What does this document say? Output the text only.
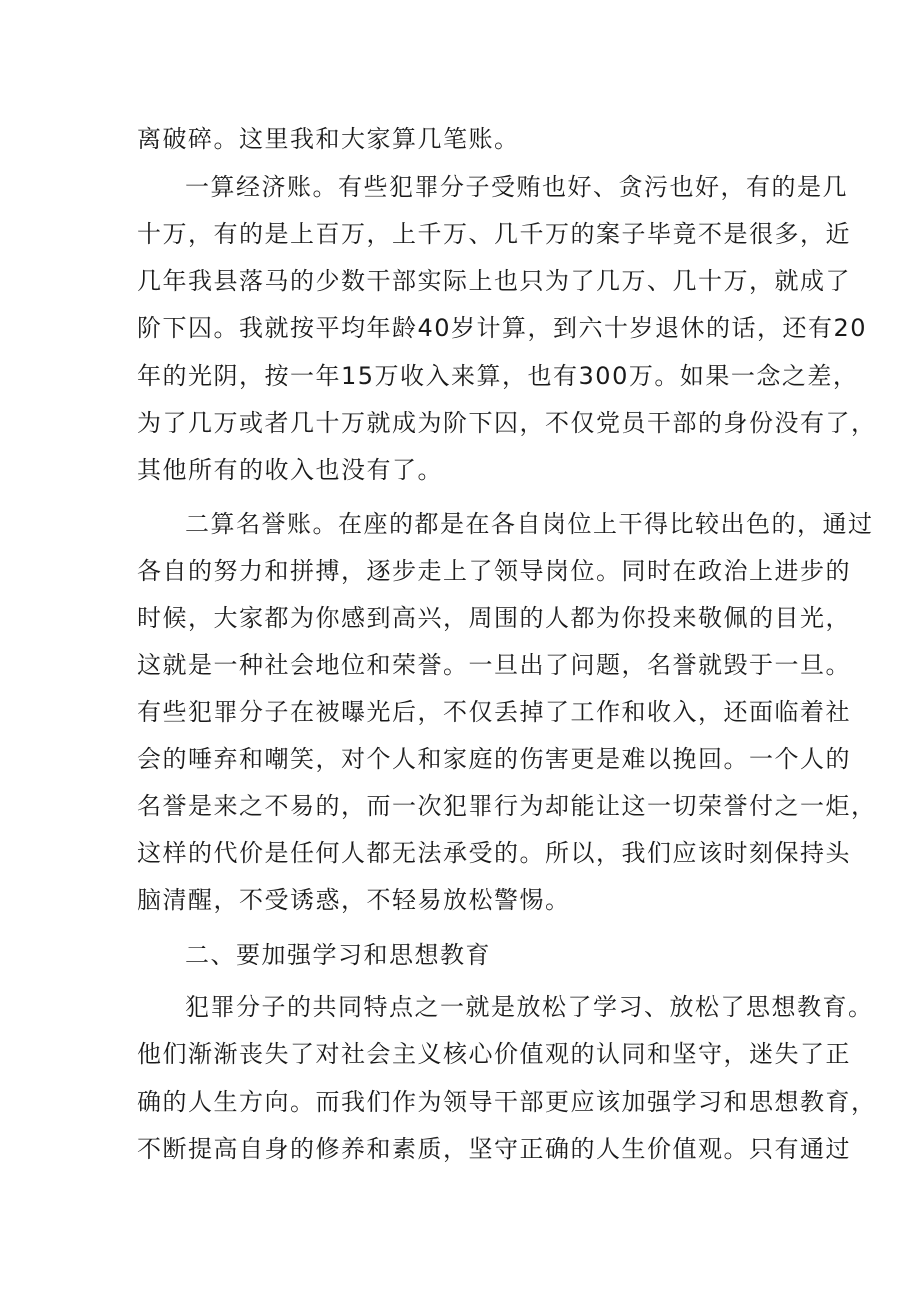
离破碎。这里我和大家算几笔账。
一算经济账。有些犯罪分子受贿也好、贪污也好，有的是几
十万，有的是上百万，上千万、几千万的案子毕竟不是很多，近
几年我县落马的少数干部实际上也只为了几万、几十万，就成了
阶下囚。我就按平均年龄40岁计算，到六十岁退休的话，还有20
年的光阴，按一年15万收入来算，也有300万。如果一念之差，
为了几万或者几十万就成为阶下囚，不仅党员干部的身份没有了，
其他所有的收入也没有了。
二算名誉账。在座的都是在各自岗位上干得比较出色的，通过
各自的努力和拼搏，逐步走上了领导岗位。同时在政治上进步的
时候，大家都为你感到高兴，周围的人都为你投来敬佩的目光，
这就是一种社会地位和荣誉。一旦出了问题，名誉就毁于一旦。
有些犯罪分子在被曝光后，不仅丢掉了工作和收入，还面临着社
会的唾弃和嘲笑，对个人和家庭的伤害更是难以挽回。一个人的
名誉是来之不易的，而一次犯罪行为却能让这一切荣誉付之一炬，
这样的代价是任何人都无法承受的。所以，我们应该时刻保持头
脑清醒，不受诱惑，不轻易放松警惕。
二、要加强学习和思想教育
犯罪分子的共同特点之一就是放松了学习、放松了思想教育。
他们渐渐丧失了对社会主义核心价值观的认同和坚守，迷失了正
确的人生方向。而我们作为领导干部更应该加强学习和思想教育，
不断提高自身的修养和素质，坚守正确的人生价值观。只有通过
